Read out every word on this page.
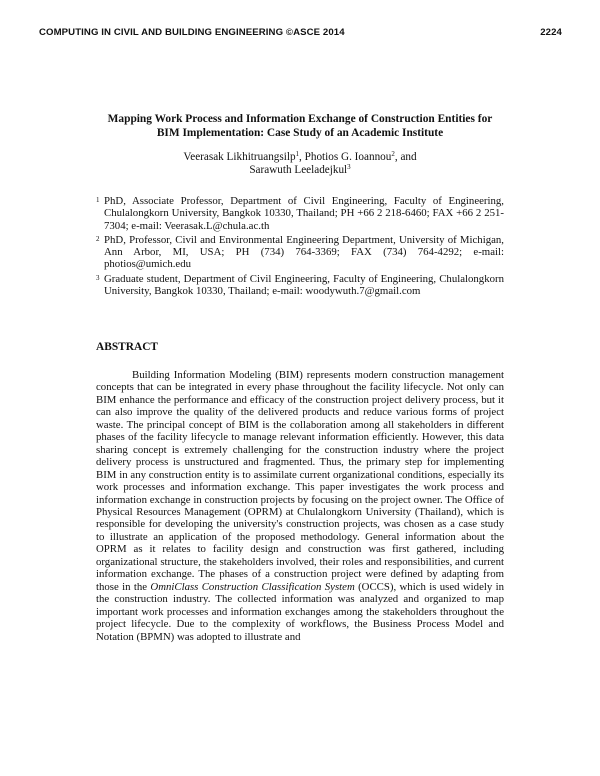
COMPUTING IN CIVIL AND BUILDING ENGINEERING ©ASCE 2014	2224
Mapping Work Process and Information Exchange of Construction Entities for
BIM Implementation: Case Study of an Academic Institute
Veerasak Likhitruangsilp$^1$, Photios G. Ioannou$^2$, and
Sarawuth Leeladejkul$^3$
1 PhD, Associate Professor, Department of Civil Engineering, Faculty of Engineering, Chulalongkorn University, Bangkok 10330, Thailand; PH +66 2 218-6460; FAX +66 2 251-7304; e-mail: Veerasak.L@chula.ac.th
2 PhD, Professor, Civil and Environmental Engineering Department, University of Michigan, Ann Arbor, MI, USA; PH (734) 764-3369; FAX (734) 764-4292; e-mail: photios@umich.edu
3 Graduate student, Department of Civil Engineering, Faculty of Engineering, Chulalongkorn University, Bangkok 10330, Thailand; e-mail: woodywuth.7@gmail.com
ABSTRACT
Building Information Modeling (BIM) represents modern construction management concepts that can be integrated in every phase throughout the facility lifecycle. Not only can BIM enhance the performance and efficacy of the construction project delivery process, but it can also improve the quality of the delivered products and reduce various forms of project waste. The principal concept of BIM is the collaboration among all stakeholders in different phases of the facility lifecycle to manage relevant information efficiently. However, this data sharing concept is extremely challenging for the construction industry where the project delivery process is unstructured and fragmented. Thus, the primary step for implementing BIM in any construction entity is to assimilate current organizational conditions, especially its work processes and information exchange. This paper investigates the work process and information exchange in construction projects by focusing on the project owner. The Office of Physical Resources Management (OPRM) at Chulalongkorn University (Thailand), which is responsible for developing the university's construction projects, was chosen as a case study to illustrate an application of the proposed methodology. General information about the OPRM as it relates to facility design and construction was first gathered, including organizational structure, the stakeholders involved, their roles and responsibilities, and current information exchange. The phases of a construction project were defined by adapting from those in the OmniClass Construction Classification System (OCCS), which is used widely in the construction industry. The collected information was analyzed and organized to map important work processes and information exchanges among the stakeholders throughout the project lifecycle. Due to the complexity of workflows, the Business Process Model and Notation (BPMN) was adopted to illustrate and
